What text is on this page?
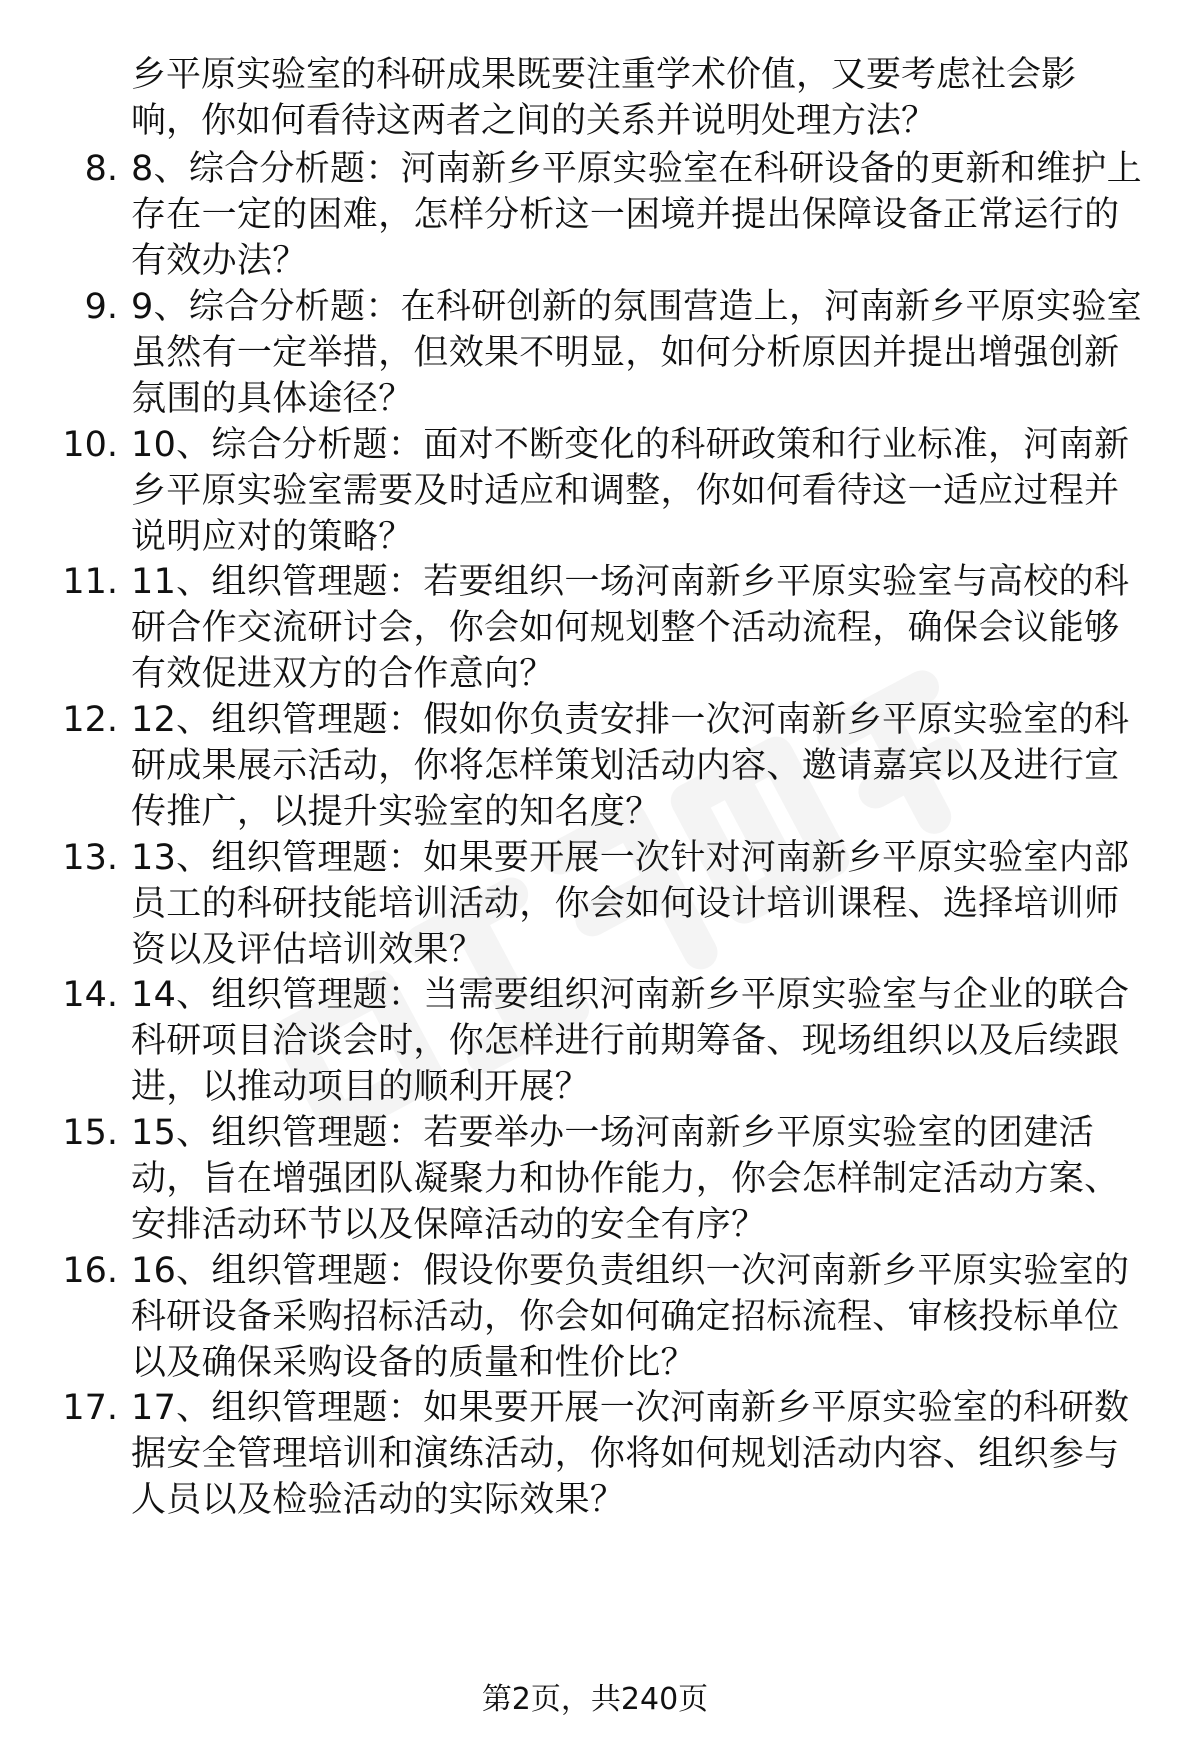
乡平原实验室的科研成果既要注重学术价值，又要考虑社会影响，你如何看待这两者之间的关系并说明处理方法？

8. 8、综合分析题：河南新乡平原实验室在科研设备的更新和维护上存在一定的困难，怎样分析这一困境并提出保障设备正常运行的有效办法？
9. 9、综合分析题：在科研创新的氛围营造上，河南新乡平原实验室虽然有一定举措，但效果不明显，如何分析原因并提出增强创新氛围的具体途径？
10. 10、综合分析题：面对不断变化的科研政策和行业标准，河南新乡平原实验室需要及时适应和调整，你如何看待这一适应过程并说明应对的策略？
11. 11、组织管理题：若要组织一场河南新乡平原实验室与高校的科研合作交流研讨会，你会如何规划整个活动流程，确保会议能够有效促进双方的合作意向？
12. 12、组织管理题：假如你负责安排一次河南新乡平原实验室的科研成果展示活动，你将怎样策划活动内容、邀请嘉宾以及进行宣传推广，以提升实验室的知名度？
13. 13、组织管理题：如果要开展一次针对河南新乡平原实验室内部员工的科研技能培训活动，你会如何设计培训课程、选择培训师资以及评估培训效果？
14. 14、组织管理题：当需要组织河南新乡平原实验室与企业的联合科研项目洽谈会时，你怎样进行前期筹备、现场组织以及后续跟进，以推动项目的顺利开展？
15. 15、组织管理题：若要举办一场河南新乡平原实验室的团建活动，旨在增强团队凝聚力和协作能力，你会怎样制定活动方案、安排活动环节以及保障活动的安全有序？
16. 16、组织管理题：假设你要负责组织一次河南新乡平原实验室的科研设备采购招标活动，你会如何确定招标流程、审核投标单位以及确保采购设备的质量和性价比？
17. 17、组织管理题：如果要开展一次河南新乡平原实验室的科研数据安全管理培训和演练活动，你将如何规划活动内容、组织参与人员以及检验活动的实际效果？
第2页，共240页
